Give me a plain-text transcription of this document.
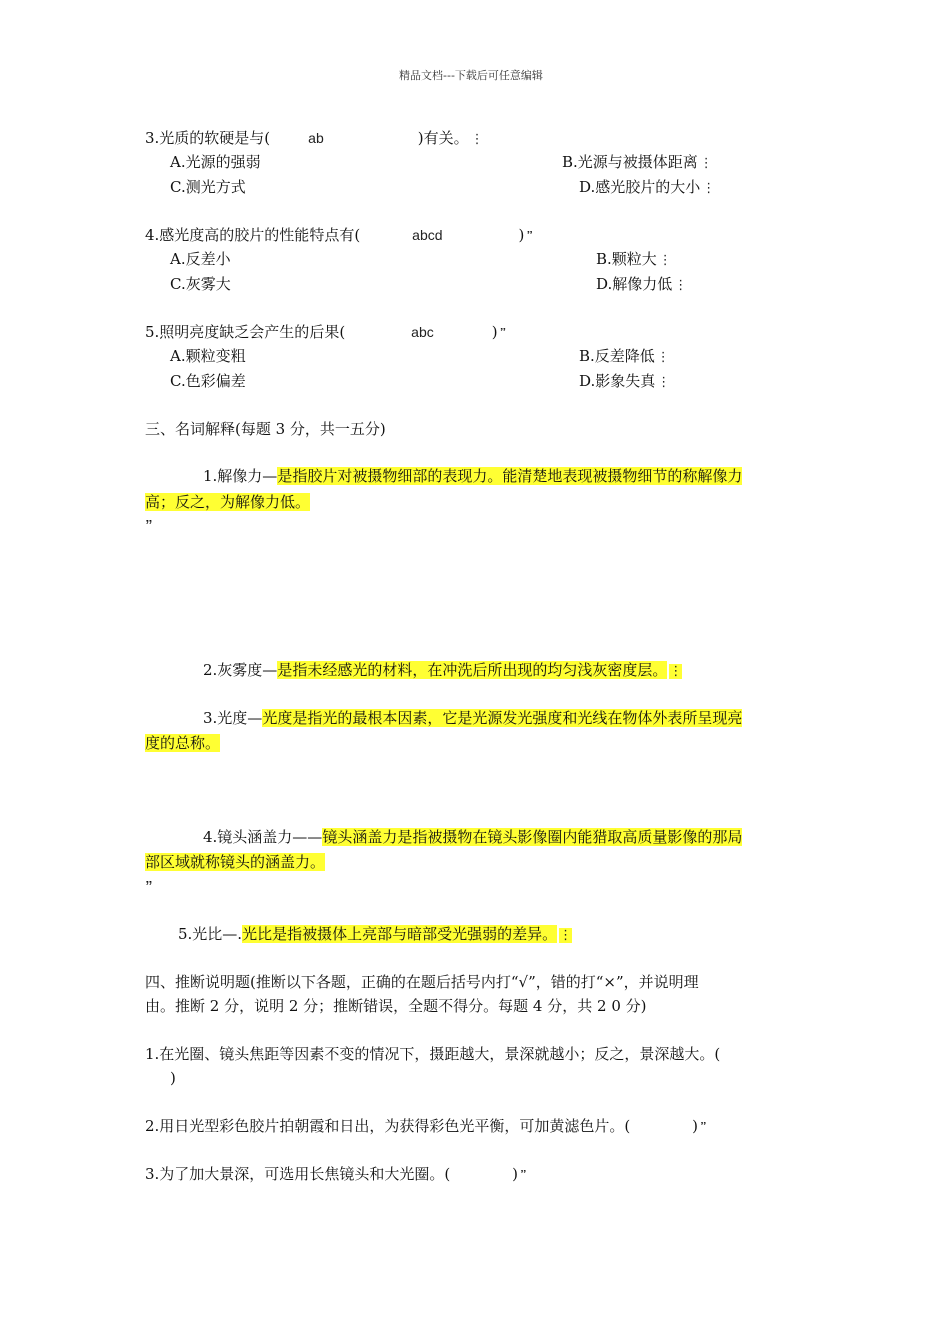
精品文档---下载后可任意编辑
3.光质的软硬是与(	ab	)有关。 ⋮
A.光源的强弱	B.光源与被摄体距离 ⋮
C.测光方式	D.感光胶片的大小 ⋮
4.感光度高的胶片的性能特点有(	abcd	) 🙷
A.反差小	B.颗粒大 ⋮
C.灰雾大	D.解像力低 ⋮
5.照明亮度缺乏会产生的后果(	abc	) 🙷
A.颗粒变粗	B.反差降低 ⋮
C.色彩偏差	D.影象失真 ⋮
三、名词解释(每题 3 分，共一五分)
1.解像力—是指胶片对被摄物细部的表现力。能清楚地表现被摄物细节的称解像力
高；反之，为解像力低。
🙷
2.灰雾度—是指未经感光的材料，在冲洗后所出现的均匀浅灰密度层。 ⋮
3.光度—光度是指光的最根本因素，它是光源发光强度和光线在物体外表所呈现亮
度的总称。
4.镜头涵盖力——镜头涵盖力是指被摄物在镜头影像圈内能猎取高质量影像的那局
部区域就称镜头的涵盖力。
🙷
5.光比—.光比是指被摄体上亮部与暗部受光强弱的差异。 ⋮
四、推断说明题(推断以下各题，正确的在题后括号内打“√”，错的打“×”，并说明理
由。推断 2 分，说明 2 分；推断错误，全题不得分。每题 4 分，共 2 0 分)
1.在光圈、镜头焦距等因素不变的情况下，摄距越大，景深就越小；反之，景深越大。(
)
2.用日光型彩色胶片拍朝霞和日出，为获得彩色光平衡，可加黄滤色片。(	) 🙷
3.为了加大景深，可选用长焦镜头和大光圈。(	) 🙷
